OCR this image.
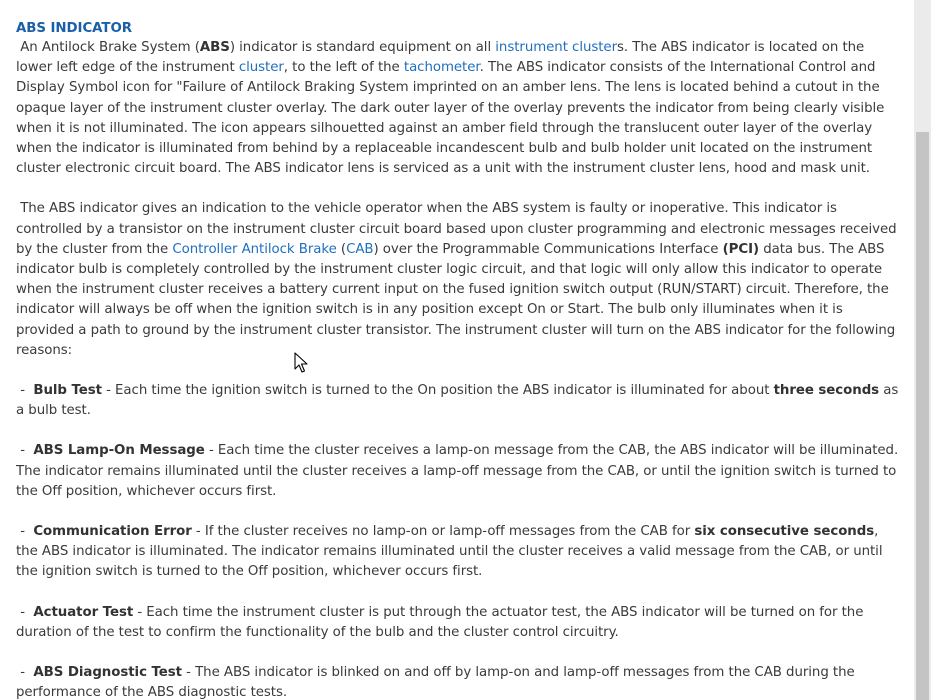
ABS INDICATOR

An Antilock Brake System (ABS) indicator is standard equipment on all instrument clusters. The ABS indicator is located on the lower left edge of the instrument cluster, to the left of the tachometer. The ABS indicator consists of the International Control and Display Symbol icon for "Failure of Antilock Braking System imprinted on an amber lens. The lens is located behind a cutout in the opaque layer of the instrument cluster overlay. The dark outer layer of the overlay prevents the indicator from being clearly visible when it is not illuminated. The icon appears silhouetted against an amber field through the translucent outer layer of the overlay when the indicator is illuminated from behind by a replaceable incandescent bulb and bulb holder unit located on the instrument cluster electronic circuit board. The ABS indicator lens is serviced as a unit with the instrument cluster lens, hood and mask unit.

The ABS indicator gives an indication to the vehicle operator when the ABS system is faulty or inoperative. This indicator is controlled by a transistor on the instrument cluster circuit board based upon cluster programming and electronic messages received by the cluster from the Controller Antilock Brake (CAB) over the Programmable Communications Interface (PCI) data bus. The ABS indicator bulb is completely controlled by the instrument cluster logic circuit, and that logic will only allow this indicator to operate when the instrument cluster receives a battery current input on the fused ignition switch output (RUN/START) circuit. Therefore, the indicator will always be off when the ignition switch is in any position except On or Start. The bulb only illuminates when it is provided a path to ground by the instrument cluster transistor. The instrument cluster will turn on the ABS indicator for the following reasons:

- Bulb Test - Each time the ignition switch is turned to the On position the ABS indicator is illuminated for about three seconds as a bulb test.

- ABS Lamp-On Message - Each time the cluster receives a lamp-on message from the CAB, the ABS indicator will be illuminated. The indicator remains illuminated until the cluster receives a lamp-off message from the CAB, or until the ignition switch is turned to the Off position, whichever occurs first.

- Communication Error - If the cluster receives no lamp-on or lamp-off messages from the CAB for six consecutive seconds, the ABS indicator is illuminated. The indicator remains illuminated until the cluster receives a valid message from the CAB, or until the ignition switch is turned to the Off position, whichever occurs first.

- Actuator Test - Each time the instrument cluster is put through the actuator test, the ABS indicator will be turned on for the duration of the test to confirm the functionality of the bulb and the cluster control circuitry.

- ABS Diagnostic Test - The ABS indicator is blinked on and off by lamp-on and lamp-off messages from the CAB during the performance of the ABS diagnostic tests.
